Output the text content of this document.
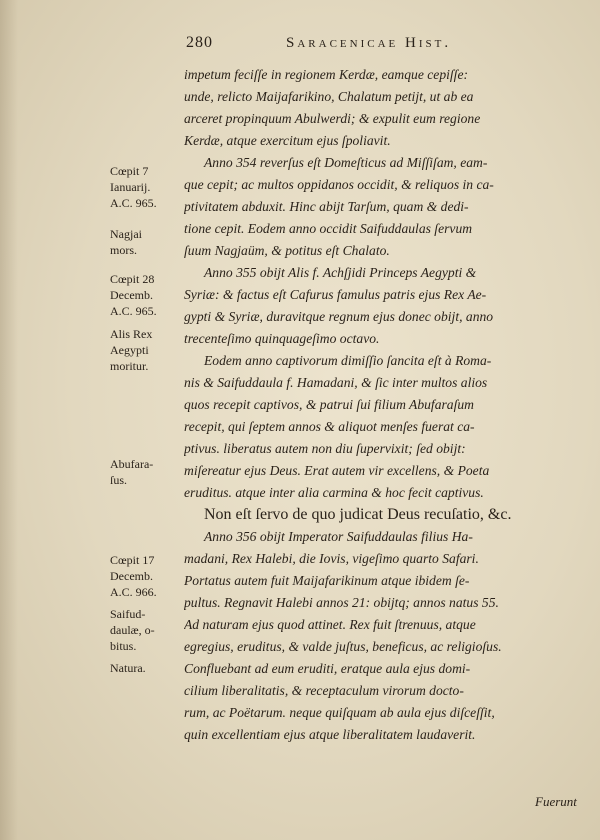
280	Saracenicae Hist.
Cœpit 7
Ianuarij.
A.C. 965.
Nagjai
mors.
Cœpit 28
Decemb.
A.C. 965.
Alis Rex
Aegypti
moritur.
Abufara-
ſus.
Cœpit 17
Decemb.
A.C. 966.
Saifud-
daulæ, o-
bitus.
Natura.
impetum feciſſe in regionem Kerdæ, eamque cepiſſe:
unde, relicto Maijafarikino, Chalatum petijt, ut ab ea
arceret propinquum Abulwerdi; & expulit eum regione
Kerdæ, atque exercitum ejus ſpoliavit.
Anno 354 reverſus eſt Domeſticus ad Miſſiſam, eam-
que cepit; ac multos oppidanos occidit, & reliquos in ca-
ptivitatem abduxit. Hinc abijt Tarſum, quam & dedi-
tione cepit. Eodem anno occidit Saifuddaulas ſervum
ſuum Nagjaüm, & potitus eſt Chalato.
Anno 355 obijt Alis f. Achſjidi Princeps Aegypti &
Syriæ: & factus eſt Cafurus famulus patris ejus Rex Ae-
gypti & Syriæ, duravitque regnum ejus donec obijt, anno
trecenteſimo quinquageſimo octavo.
Eodem anno captivorum dimiſſio ſancita eſt à Roma-
nis & Saifuddaula f. Hamadani, & ſic inter multos alios
quos recepit captivos, & patrui ſui filium Abufaraſum
recepit, qui ſeptem annos & aliquot menſes fuerat ca-
ptivus. liberatus autem non diu ſupervixit; ſed obijt:
miſereatur ejus Deus. Erat autem vir excellens, & Poeta
eruditus. atque inter alia carmina & hoc fecit captivus.
Non eſt ſervo de quo judicat Deus recuſatio, &c.
Anno 356 obijt Imperator Saifuddaulas filius Ha-
madani, Rex Halebi, die Iovis, vigeſimo quarto Safari.
Portatus autem fuit Maijafarikinum atque ibidem ſe-
pultus. Regnavit Halebi annos 21: obijtq; annos natus 55.
Ad naturam ejus quod attinet. Rex fuit ſtrenuus, atque
egregius, eruditus, & valde juſtus, beneficus, ac religioſus.
Confluebant ad eum eruditi, eratque aula ejus domi-
cilium liberalitatis, & receptaculum virorum docto-
rum, ac Poëtarum. neque quiſquam ab aula ejus diſceſſit,
quin excellentiam ejus atque liberalitatem laudaverit.
Fuerunt
